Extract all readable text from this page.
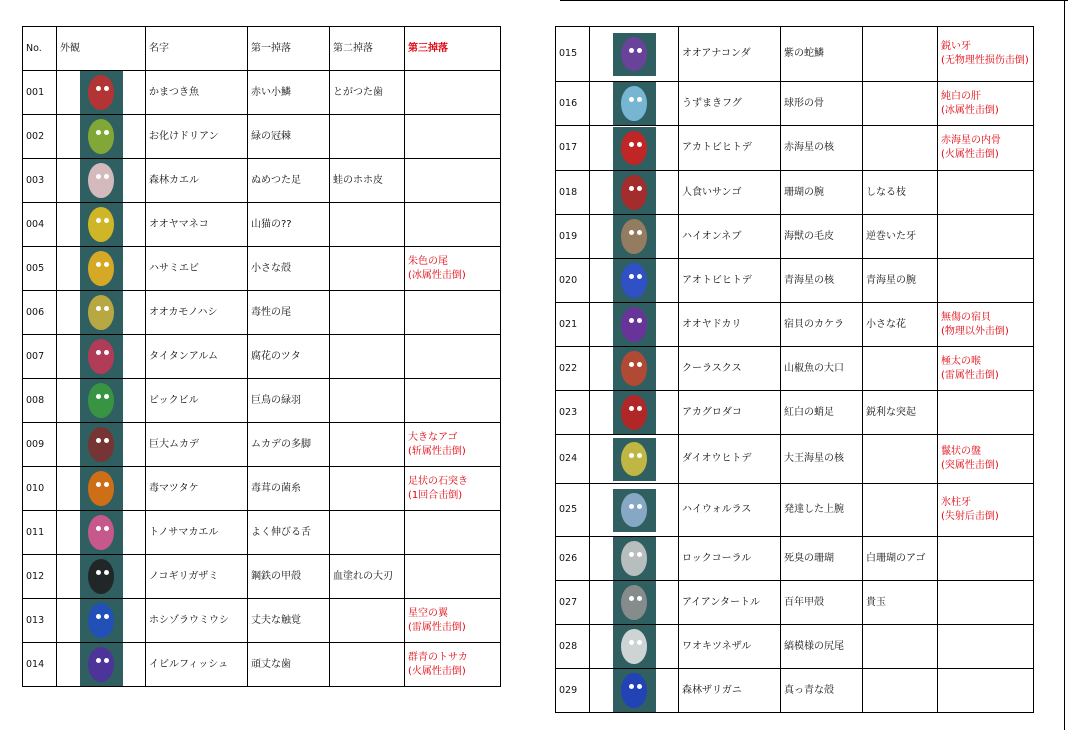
No.	外観	名字	第一掉落	第二掉落	第三掉落
001		かまつき魚	赤い小鱗	とがつた歯	
002		お化けドリアン	緑の冠棘		
003		森林カエル	ぬめつた足	蛙のホホ皮	
004		オオヤマネコ	山猫の??		
005		ハサミエビ	小さな殻		朱色の尾
(冰属性击倒)
006		オオカモノハシ	毒性の尾		
007		タイタンアルム	腐花のツタ		
008		ビックビル	巨鳥の緑羽		
009		巨大ムカデ	ムカデの多脚		大きなアゴ
(斩属性击倒)
010		毒マツタケ	毒茸の菌糸		足状の石突き
(1回合击倒)
011		トノサマカエル	よく伸びる舌		
012		ノコギリガザミ	鋼鉄の甲殻	血塗れの大刃	
013		ホシゾラウミウシ	丈夫な触覚		星空の翼
(雷属性击倒)
014		イビルフィッシュ	頑丈な歯		群青のトサカ
(火属性击倒)
015		オオアナコンダ	紫の蛇鱗		鋭い牙
(无物理性损伤击倒)
016		うずまきフグ	球形の骨		純白の肝
(冰属性击倒)
017		アカトビヒトデ	赤海星の核		赤海星の内骨
(火属性击倒)
018		人食いサンゴ	珊瑚の腕	しなる枝	
019		ハイオンネブ	海獣の毛皮	逆巻いた牙	
020		アオトビヒトデ	青海星の核	青海星の腕	
021		オオヤドカリ	宿貝のカケラ	小さな花	無傷の宿貝
(物理以外击倒)
022		クーラスクス	山椒魚の大口		極太の喉
(雷属性击倒)
023		アカグロダコ	紅白の蛸足	鋭利な突起	
024		ダイオウヒトデ	大王海星の核		鬣状の盤
(突属性击倒)
025		ハイウォルラス	発達した上腕		氷柱牙
(失射后击倒)
026		ロックコーラル	死臭の珊瑚	白珊瑚のアゴ	
027		アイアンタートル	百年甲殻	貴玉	
028		ワオキツネザル	縞模様の尻尾		
029		森林ザリガニ	真っ青な殻		
